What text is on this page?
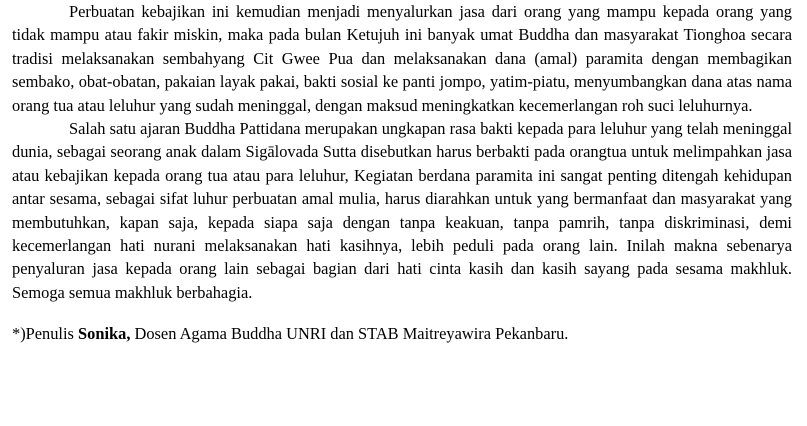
Perbuatan kebajikan ini kemudian menjadi menyalurkan jasa dari orang yang mampu kepada orang yang tidak mampu atau fakir miskin, maka pada bulan Ketujuh ini banyak umat Buddha dan masyarakat Tionghoa secara tradisi melaksanakan sembahyang Cit Gwee Pua dan melaksanakan dana (amal) paramita dengan membagikan sembako, obat-obatan, pakaian layak pakai, bakti sosial ke panti jompo, yatim-piatu, menyumbangkan dana atas nama orang tua atau leluhur yang sudah meninggal, dengan maksud meningkatkan kecemerlangan roh suci leluhurnya.

Salah satu ajaran Buddha Pattidana merupakan ungkapan rasa bakti kepada para leluhur yang telah meninggal dunia, sebagai seorang anak dalam Sigālovada Sutta disebutkan harus berbakti pada orangtua untuk melimpahkan jasa atau kebajikan kepada orang tua atau para leluhur, Kegiatan berdana paramita ini sangat penting ditengah kehidupan antar sesama, sebagai sifat luhur perbuatan amal mulia, harus diarahkan untuk yang bermanfaat dan masyarakat yang membutuhkan, kapan saja, kepada siapa saja dengan tanpa keakuan, tanpa pamrih, tanpa diskriminasi, demi kecemerlangan hati nurani melaksanakan hati kasihnya, lebih peduli pada orang lain. Inilah makna sebenarya penyaluran jasa kepada orang lain sebagai bagian dari hati cinta kasih dan kasih sayang pada sesama makhluk. Semoga semua makhluk berbahagia.

*)Penulis Sonika, Dosen Agama Buddha UNRI dan STAB Maitreyawira Pekanbaru.
